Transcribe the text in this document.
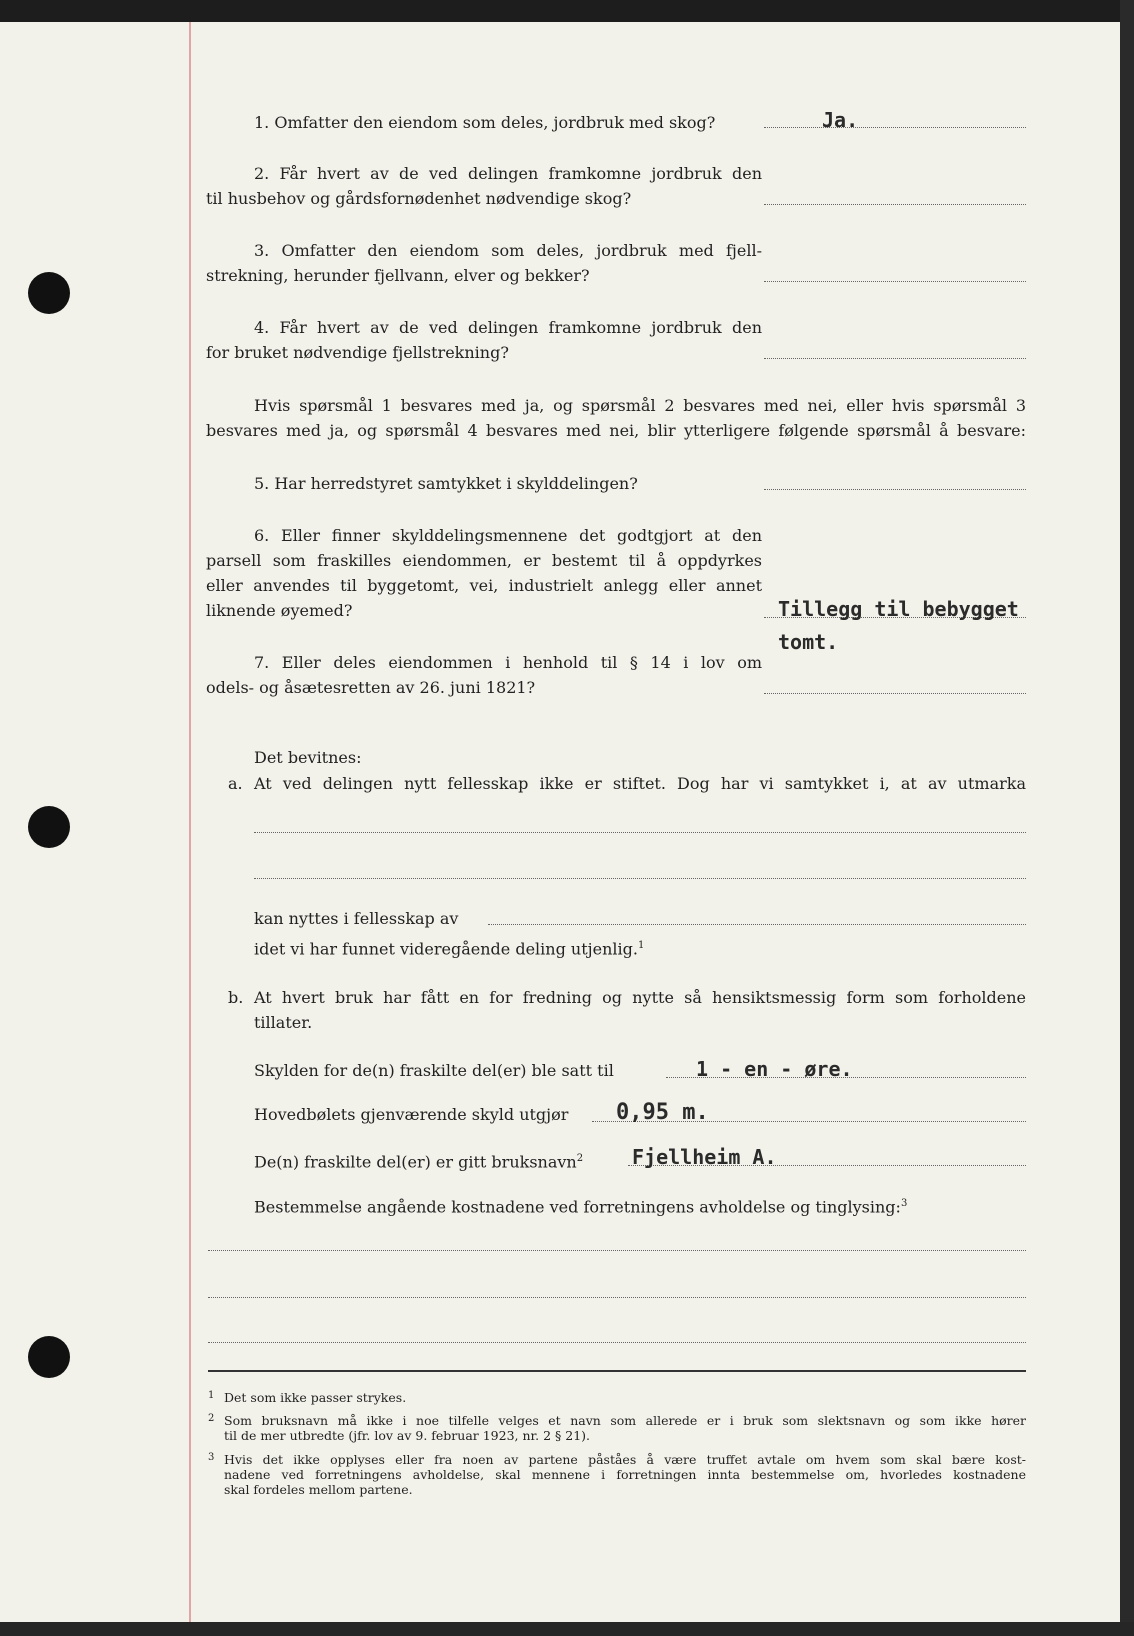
1. Omfatter den eiendom som deles, jordbruk med skog?	Ja.
2. Får hvert av de ved delingen framkomne jordbruk den
til husbehov og gårdsfornødenhet nødvendige skog?
3. Omfatter den eiendom som deles, jordbruk med fjell-
strekning, herunder fjellvann, elver og bekker?
4. Får hvert av de ved delingen framkomne jordbruk den
for bruket nødvendige fjellstrekning?
Hvis spørsmål 1 besvares med ja, og spørsmål 2 besvares med nei, eller hvis spørsmål 3
besvares med ja, og spørsmål 4 besvares med nei, blir ytterligere følgende spørsmål å besvare:
5. Har herredstyret samtykket i skylddelingen?
6. Eller finner skylddelingsmennene det godtgjort at den
parsell som fraskilles eiendommen, er bestemt til å oppdyrkes
eller anvendes til byggetomt, vei, industrielt anlegg eller annet
liknende øyemed?	Tillegg til bebygget
tomt.
7. Eller deles eiendommen i henhold til § 14 i lov om
odels- og åsætesretten av 26. juni 1821?
Det bevitnes:
a. At ved delingen nytt fellesskap ikke er stiftet. Dog har vi samtykket i, at av utmarka
kan nyttes i fellesskap av
idet vi har funnet videregående deling utjenlig.$^1$
b. At hvert bruk har fått en for fredning og nytte så hensiktsmessig form som forholdene
tillater.
Skylden for de(n) fraskilte del(er) ble satt til	1 - en - øre.
Hovedbølets gjenværende skyld utgjør 0,95 m.
De(n) fraskilte del(er) er gitt bruksnavn$^2$ Fjellheim A.
Bestemmelse angående kostnadene ved forretningens avholdelse og tinglysing:$^3$
1 Det som ikke passer strykes.
2 Som bruksnavn må ikke i noe tilfelle velges et navn som allerede er i bruk som slektsnavn og som ikke hører
til de mer utbredte (jfr. lov av 9. februar 1923, nr. 2 § 21).
3 Hvis det ikke opplyses eller fra noen av partene påståes å være truffet avtale om hvem som skal bære kost-
nadene ved forretningens avholdelse, skal mennene i forretningen innta bestemmelse om, hvorledes kostnadene
skal fordeles mellom partene.
